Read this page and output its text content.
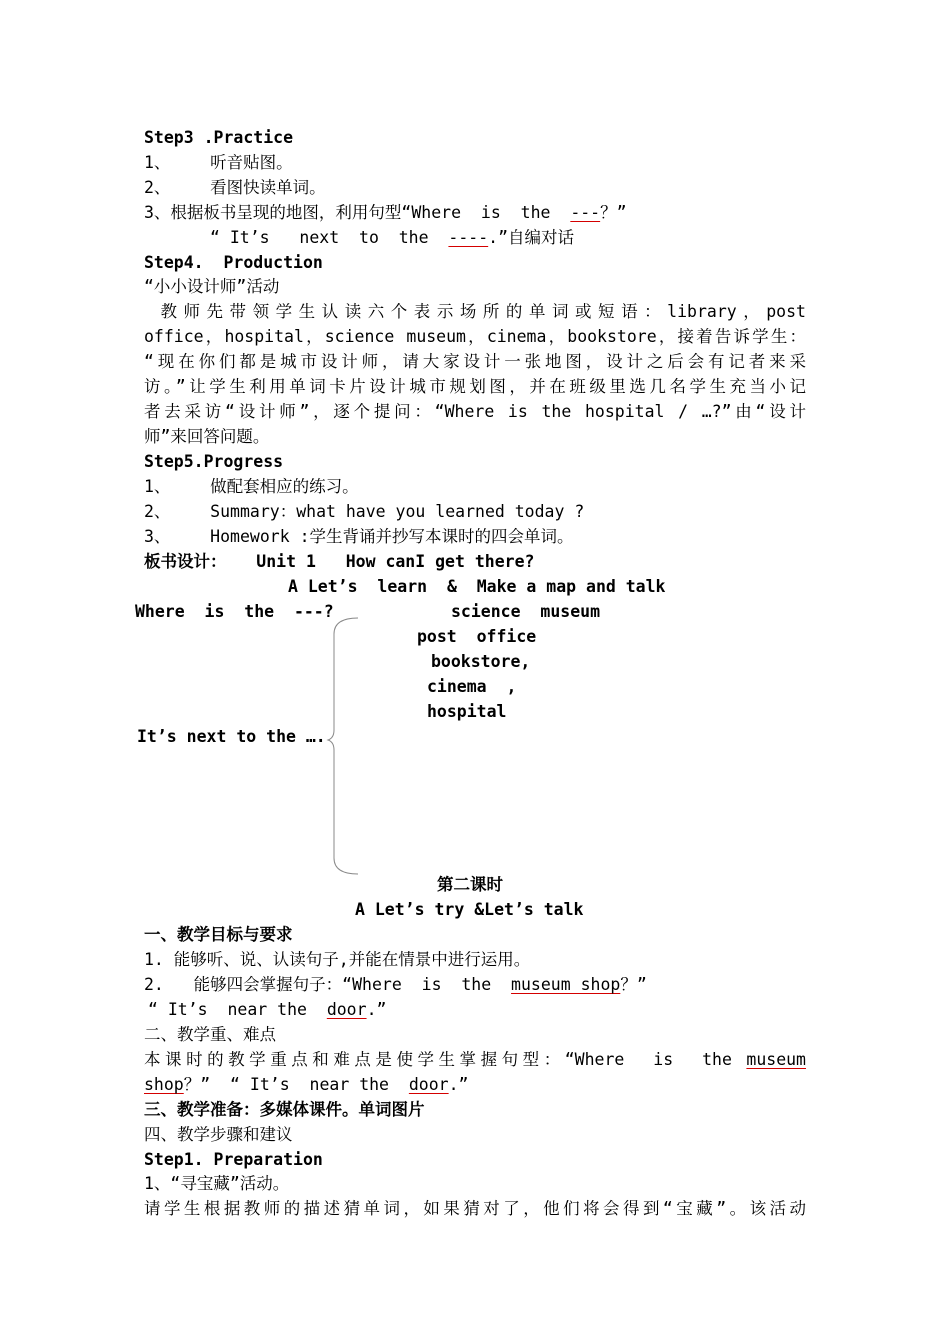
Step3 .Practice
1、    听音贴图。
2、    看图快读单词。
3、根据板书呈现的地图，利用句型“Where  is  the  ---？”
“ It’s   next  to  the  ----.”自编对话
Step4.  Production
“小小设计师”活动
教师先带领学生认读六个表示场所的单词或短语：library，post
office，hospital，science museum，cinema，bookstore，接着告诉学生：
“现在你们都是城市设计师，请大家设计一张地图，设计之后会有记者来采
访。”让学生利用单词卡片设计城市规划图，并在班级里选几名学生充当小记
者去采访“设计师”，逐个提问：“Where is the hospital / …?”由“设计
师”来回答问题。
Step5.Progress
1、    做配套相应的练习。
2、    Summary：what have you learned today ?
3、    Homework :学生背诵并抄写本课时的四会单词。
板书设计：   Unit 1   How canI get there?
A Let’s  learn  &  Make a map and talk
Where  is  the  ---?	science  museum
post  office
bookstore,
cinema  ,
hospital
It’s next to the ….
第二课时
A Let’s try &Let’s talk
一、教学目标与要求
1. 能够听、说、认读句子,并能在情景中进行运用。
2.   能够四会掌握句子：“Where  is  the  museum shop？”
“ It’s  near the  door.”
二、教学重、难点
本课时的教学重点和难点是使学生掌握句型：“Where  is  the museum
shop？”  “ It’s  near the  door.”
三、教学准备：多媒体课件。单词图片
四、教学步骤和建议
Step1. Preparation
1、“寻宝藏”活动。
请学生根据教师的描述猜单词，如果猜对了，他们将会得到“宝藏”。该活动
